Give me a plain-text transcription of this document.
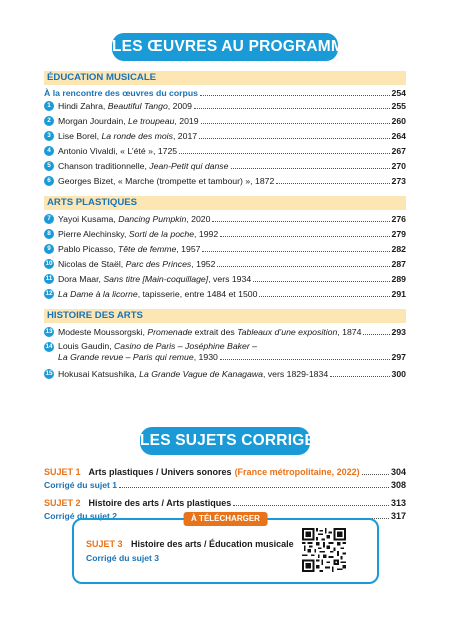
LES ŒUVRES AU PROGRAMME
ÉDUCATION MUSICALE
À la rencontre des œuvres du corpus	254
1 Hindi Zahra, Beautiful Tango, 2009	255
2 Morgan Jourdain, Le troupeau, 2019	260
3 Lise Borel, La ronde des mois, 2017	264
4 Antonio Vivaldi, « L’été », 1725	267
5 Chanson traditionnelle, Jean-Petit qui danse	270
6 Georges Bizet, « Marche (trompette et tambour) », 1872	273
ARTS PLASTIQUES
7 Yayoi Kusama, Dancing Pumpkin, 2020	276
8 Pierre Alechinsky, Sorti de la poche, 1992	279
9 Pablo Picasso, Tête de femme, 1957	282
10 Nicolas de Staël, Parc des Princes, 1952	287
11 Dora Maar, Sans titre [Main-coquillage], vers 1934	289
12 La Dame à la licorne, tapisserie, entre 1484 et 1500	291
HISTOIRE DES ARTS
13 Modeste Moussorgski, Promenade extrait des Tableaux d’une exposition, 1874	293
14 Louis Gaudin, Casino de Paris – Joséphine Baker –
La Grande revue – Paris qui remue , 1930	297
15 Hokusai Katsushika, La Grande Vague de Kanagawa, vers 1829-1834	300
LES SUJETS CORRIGÉS
SUJET 1 Arts plastiques / Univers sonores (France métropolitaine, 2022)	304
Corrigé du sujet 1	308
SUJET 2 Histoire des arts / Arts plastiques	313
Corrigé du sujet 2	317
À TÉLÉCHARGER
SUJET 3 Histoire des arts / Éducation musicale
Corrigé du sujet 3
